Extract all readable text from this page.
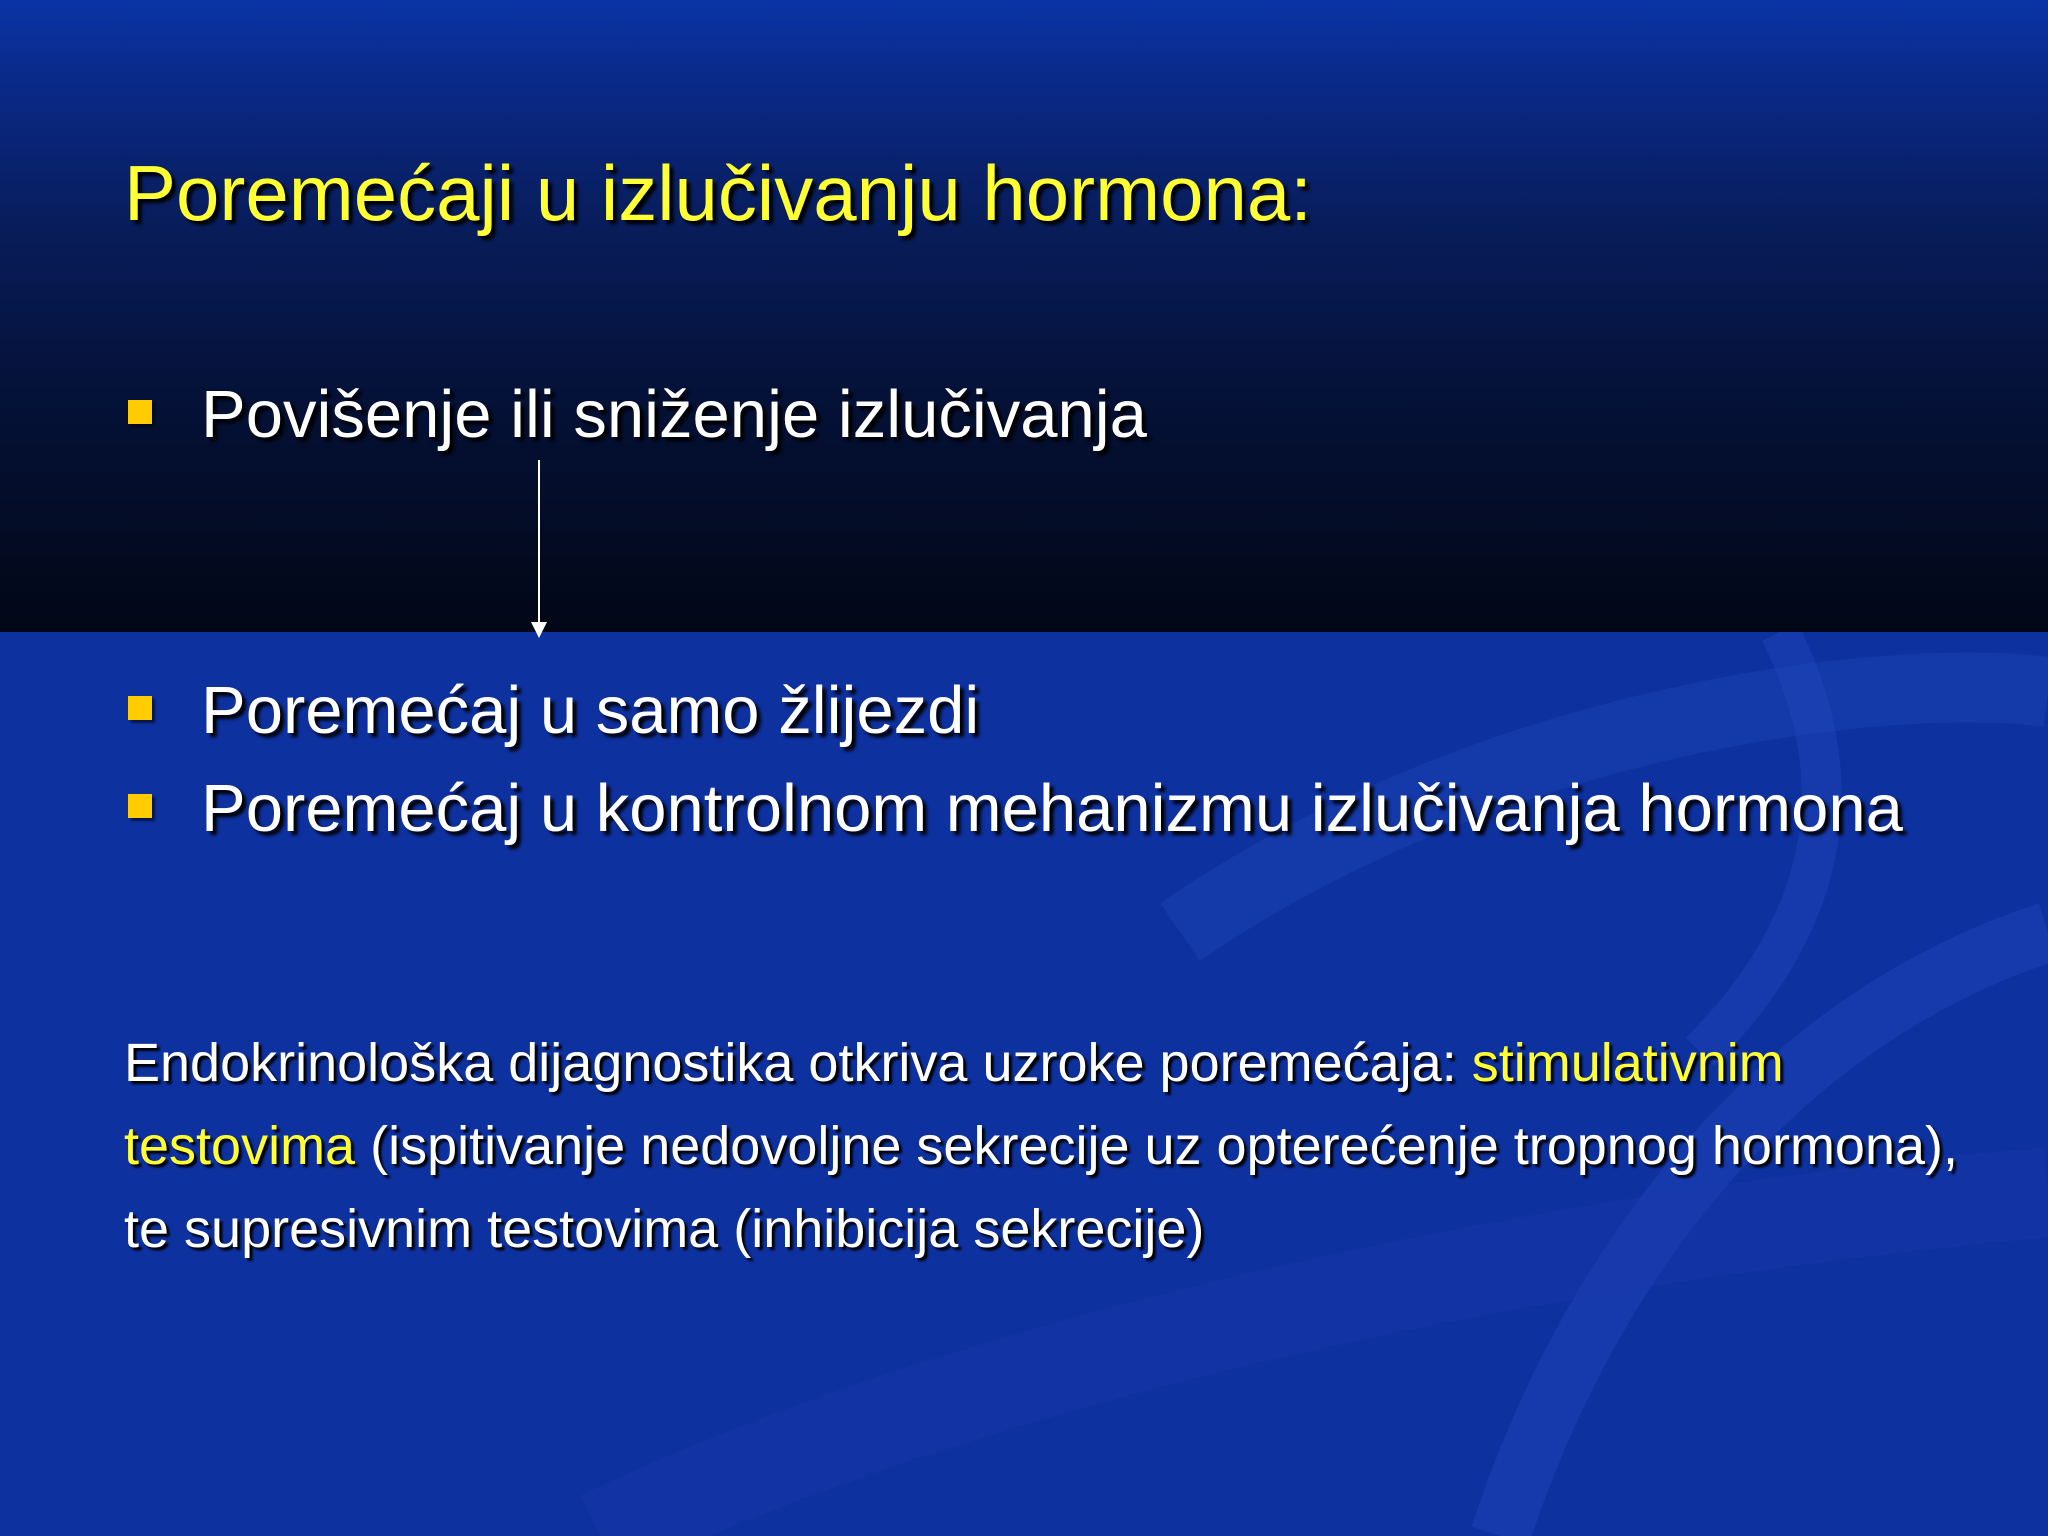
Poremećaji u izlučivanju hormona:
Povišenje ili sniženje izlučivanja
Poremećaj u samo žlijezdi
Poremećaj u kontrolnom mehanizmu izlučivanja hormona

Endokrinološka dijagnostika otkriva uzroke poremećaja: stimulativnim testovima (ispitivanje nedovoljne sekrecije uz opterećenje tropnog hormona), te supresivnim testovima (inhibicija sekrecije)
